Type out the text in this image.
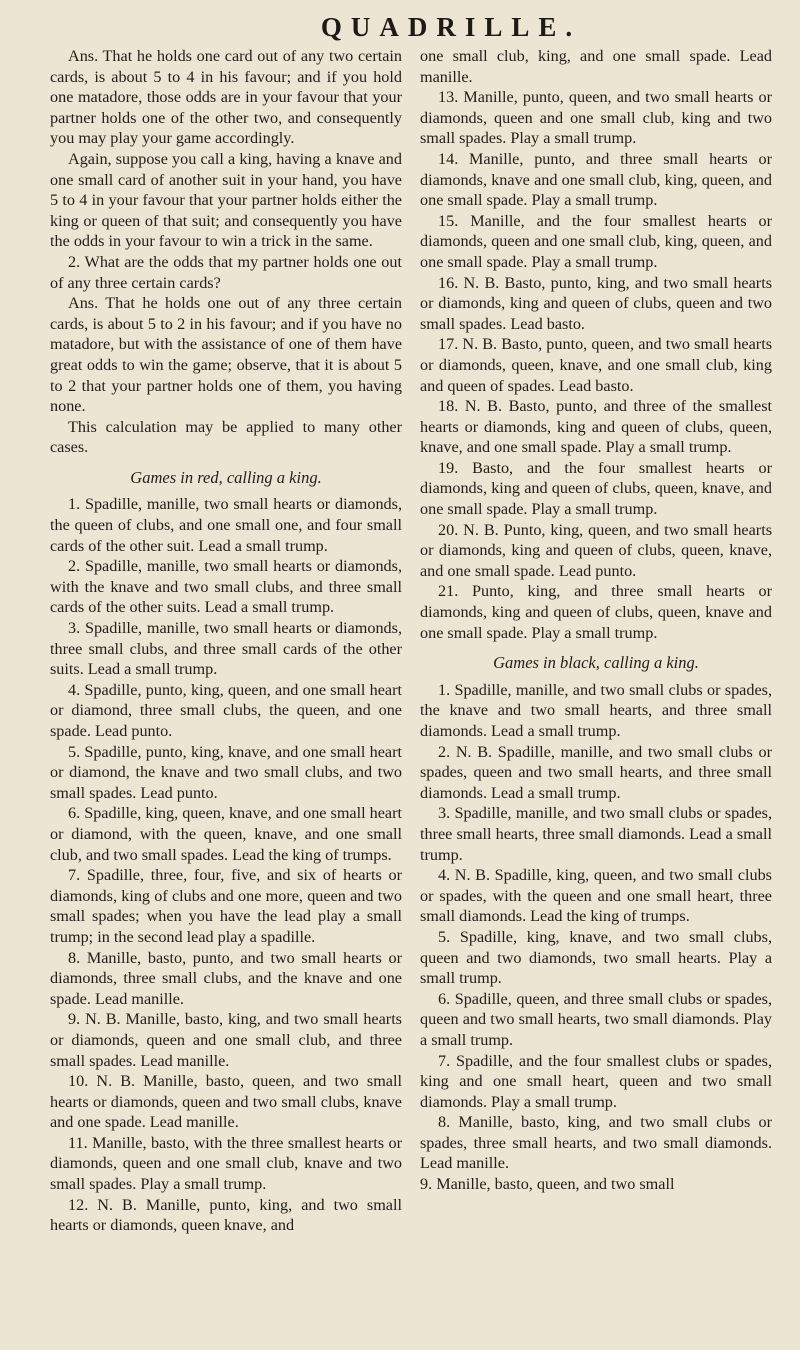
QUADRILLE.

Ans. That he holds one card out of any two certain cards, is about 5 to 4 in his favour; and if you hold one matadore, those odds are in your favour that your partner holds one of the other two, and consequently you may play your game accordingly.

Again, suppose you call a king, having a knave and one small card of another suit in your hand, you have 5 to 4 in your favour that your partner holds either the king or queen of that suit; and consequently you have the odds in your favour to win a trick in the same.

2. What are the odds that my partner holds one out of any three certain cards?

Ans. That he holds one out of any three certain cards, is about 5 to 2 in his favour; and if you have no matadore, but with the assistance of one of them have great odds to win the game; observe, that it is about 5 to 2 that your partner holds one of them, you having none.

This calculation may be applied to many other cases.

Games in red, calling a king.

1. Spadille, manille, two small hearts or diamonds, the queen of clubs, and one small one, and four small cards of the other suit. Lead a small trump.

2. Spadille, manille, two small hearts or diamonds, with the knave and two small clubs, and three small cards of the other suits. Lead a small trump.

3. Spadille, manille, two small hearts or diamonds, three small clubs, and three small cards of the other suits. Lead a small trump.

4. Spadille, punto, king, queen, and one small heart or diamond, three small clubs, the queen, and one spade. Lead punto.

5. Spadille, punto, king, knave, and one small heart or diamond, the knave and two small clubs, and two small spades. Lead punto.

6. Spadille, king, queen, knave, and one small heart or diamond, with the queen, knave, and one small club, and two small spades. Lead the king of trumps.

7. Spadille, three, four, five, and six of hearts or diamonds, king of clubs and one more, queen and two small spades; when you have the lead play a small trump; in the second lead play a spadille.

8. Manille, basto, punto, and two small hearts or diamonds, three small clubs, and the knave and one spade. Lead manille.

9. N. B. Manille, basto, king, and two small hearts or diamonds, queen and one small club, and three small spades. Lead manille.

10. N. B. Manille, basto, queen, and two small hearts or diamonds, queen and two small clubs, knave and one spade. Lead manille.

11. Manille, basto, with the three smallest hearts or diamonds, queen and one small club, knave and two small spades. Play a small trump.

12. N. B. Manille, punto, king, and two small hearts or diamonds, queen knave, and

one small club, king, and one small spade. Lead manille.

13. Manille, punto, queen, and two small hearts or diamonds, queen and one small club, king and two small spades. Play a small trump.

14. Manille, punto, and three small hearts or diamonds, knave and one small club, king, queen, and one small spade. Play a small trump.

15. Manille, and the four smallest hearts or diamonds, queen and one small club, king, queen, and one small spade. Play a small trump.

16. N. B. Basto, punto, king, and two small hearts or diamonds, king and queen of clubs, queen and two small spades. Lead basto.

17. N. B. Basto, punto, queen, and two small hearts or diamonds, queen, knave, and one small club, king and queen of spades. Lead basto.

18. N. B. Basto, punto, and three of the smallest hearts or diamonds, king and queen of clubs, queen, knave, and one small spade. Play a small trump.

19. Basto, and the four smallest hearts or diamonds, king and queen of clubs, queen, knave, and one small spade. Play a small trump.

20. N. B. Punto, king, queen, and two small hearts or diamonds, king and queen of clubs, queen, knave, and one small spade. Lead punto.

21. Punto, king, and three small hearts or diamonds, king and queen of clubs, queen, knave and one small spade. Play a small trump.

Games in black, calling a king.

1. Spadille, manille, and two small clubs or spades, the knave and two small hearts, and three small diamonds. Lead a small trump.

2. N. B. Spadille, manille, and two small clubs or spades, queen and two small hearts, and three small diamonds. Lead a small trump.

3. Spadille, manille, and two small clubs or spades, three small hearts, three small diamonds. Lead a small trump.

4. N. B. Spadille, king, queen, and two small clubs or spades, with the queen and one small heart, three small diamonds. Lead the king of trumps.

5. Spadille, king, knave, and two small clubs, queen and two diamonds, two small hearts. Play a small trump.

6. Spadille, queen, and three small clubs or spades, queen and two small hearts, two small diamonds. Play a small trump.

7. Spadille, and the four smallest clubs or spades, king and one small heart, queen and two small diamonds. Play a small trump.

8. Manille, basto, king, and two small clubs or spades, three small hearts, and two small diamonds. Lead manille.

9. Manille, basto, queen, and two small
